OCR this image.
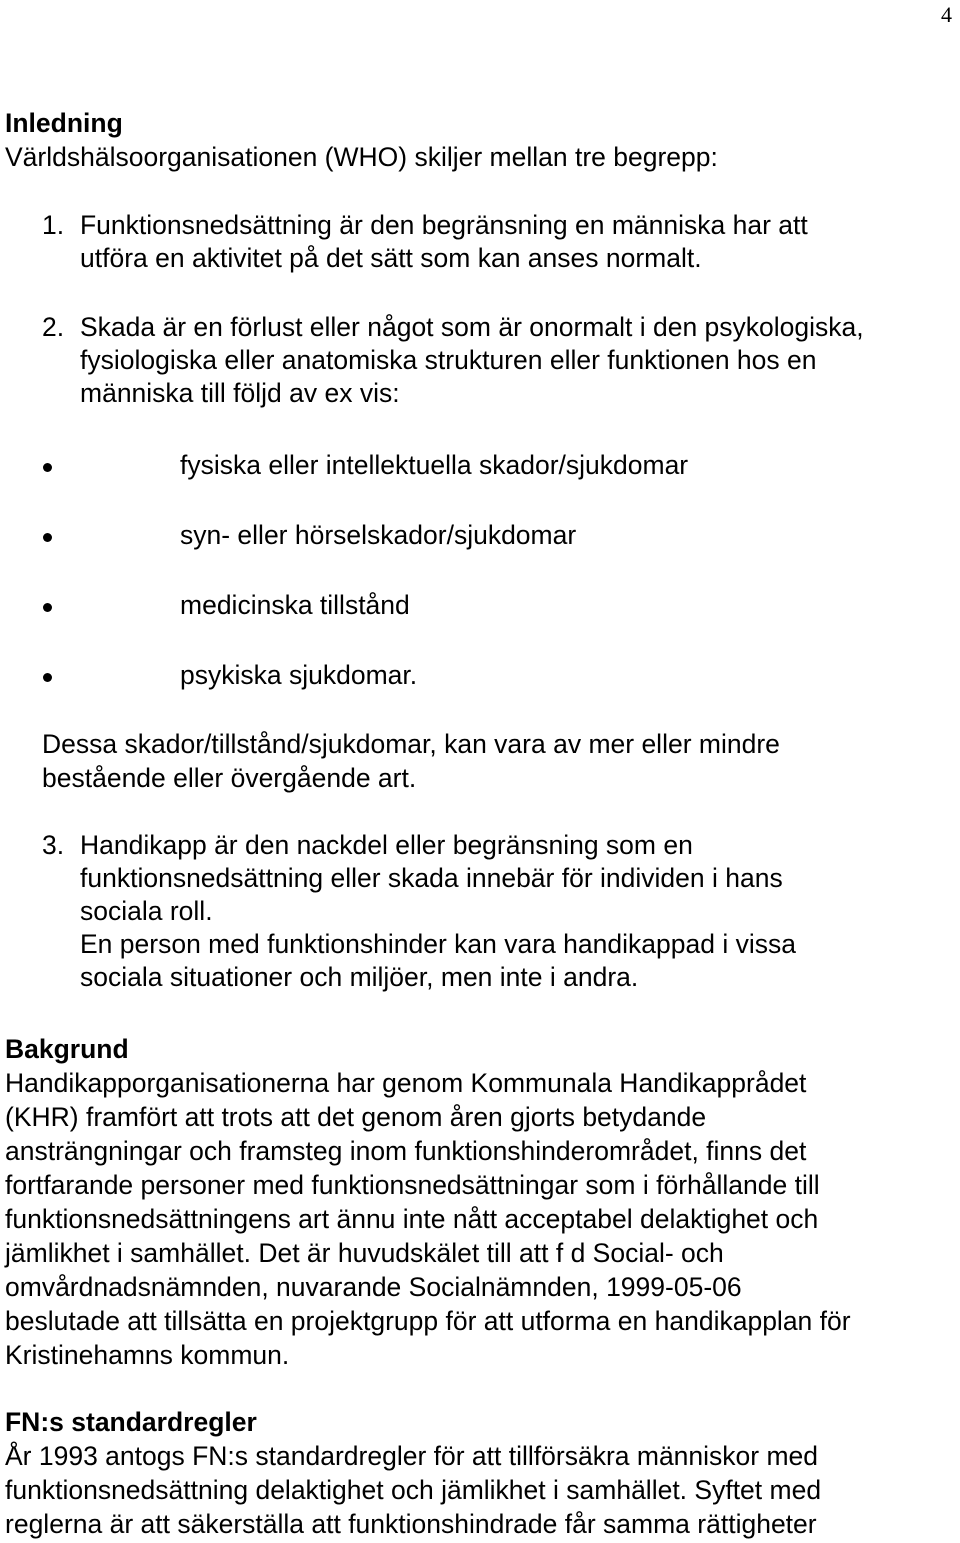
4
Inledning
Världshälsoorganisationen (WHO) skiljer mellan tre begrepp:
1. Funktionsnedsättning är den begränsning en människa har att
utföra en aktivitet på det sätt som kan anses normalt.
2. Skada är en förlust eller något som är onormalt i den psykologiska,
fysiologiska eller anatomiska strukturen eller funktionen hos en
människa till följd av ex vis:
fysiska eller intellektuella skador/sjukdomar
syn- eller hörselskador/sjukdomar
medicinska tillstånd
psykiska sjukdomar.
Dessa skador/tillstånd/sjukdomar, kan vara av mer eller mindre
bestående eller övergående art.
3. Handikapp är den nackdel eller begränsning som en
funktionsnedsättning eller skada innebär för individen i hans
sociala roll.
En person med funktionshinder kan vara handikappad i vissa
sociala situationer och miljöer, men inte i andra.
Bakgrund
Handikapporganisationerna har genom Kommunala Handikapprådet
(KHR) framfört att trots att det genom åren gjorts betydande
ansträngningar och framsteg inom funktionshinderområdet, finns det
fortfarande personer med funktionsnedsättningar som i förhållande till
funktionsnedsättningens art ännu inte nått acceptabel delaktighet och
jämlikhet i samhället. Det är huvudskälet till att f d Social- och
omvårdnadsnämnden, nuvarande Socialnämnden, 1999-05-06
beslutade att tillsätta en projektgrupp för att utforma en handikapplan för
Kristinehamns kommun.
FN:s standardregler
År 1993 antogs FN:s standardregler för att tillförsäkra människor med
funktionsnedsättning delaktighet och jämlikhet i samhället. Syftet med
reglerna är att säkerställa att funktionshindrade får samma rättigheter
